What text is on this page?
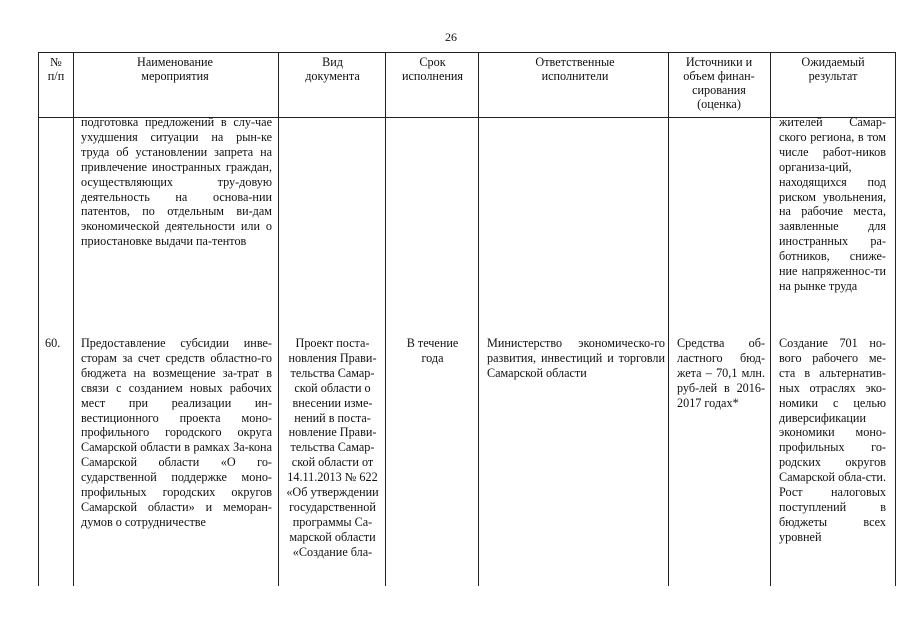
26
№ п/п
Наименование мероприятия
Вид документа
Срок исполнения
Ответственные исполнители
Источники и объем финан-сирования (оценка)
Ожидаемый результат
подготовка предложений в слу-чае ухудшения ситуации на рын-ке труда об установлении запрета на привлечение иностранных граждан, осуществляющих тру-довую деятельность на основа-нии патентов, по отдельным ви-дам экономической деятельности или о приостановке выдачи па-тентов
жителей Самар-ского региона, в том числе работ-ников организа-ций, находящихся под риском увольнения, на рабочие места, заявленные для иностранных ра-ботников, сниже-ние напряженнос-ти на рынке труда
60. Предоставление субсидии инве-сторам за счет средств областно-го бюджета на возмещение за-трат в связи с созданием новых рабочих мест при реализации ин-вестиционного проекта моно-профильного городского округа Самарской области в рамках За-кона Самарской области «О го-сударственной поддержке моно-профильных городских округов Самарской области» и меморан-думов о сотрудничестве
Проект поста-новления Прави-тельства Самар-ской области о внесении изме-нений в поста-новление Прави-тельства Самар-ской области от 14.11.2013 № 622 «Об утверждении государственной программы Са-марской области «Создание бла-
В течение года
Министерство экономическо-го развития, инвестиций и торговли Самарской области
Средства об-ластного бюд-жета – 70,1 млн. руб-лей в 2016-2017 годах*
Создание 701 но-вого рабочего ме-ста в альтернатив-ных отраслях эко-номики с целью диверсификации экономики моно-профильных го-родских округов Самарской обла-сти. Рост налоговых поступлений в бюджеты всех уровней
